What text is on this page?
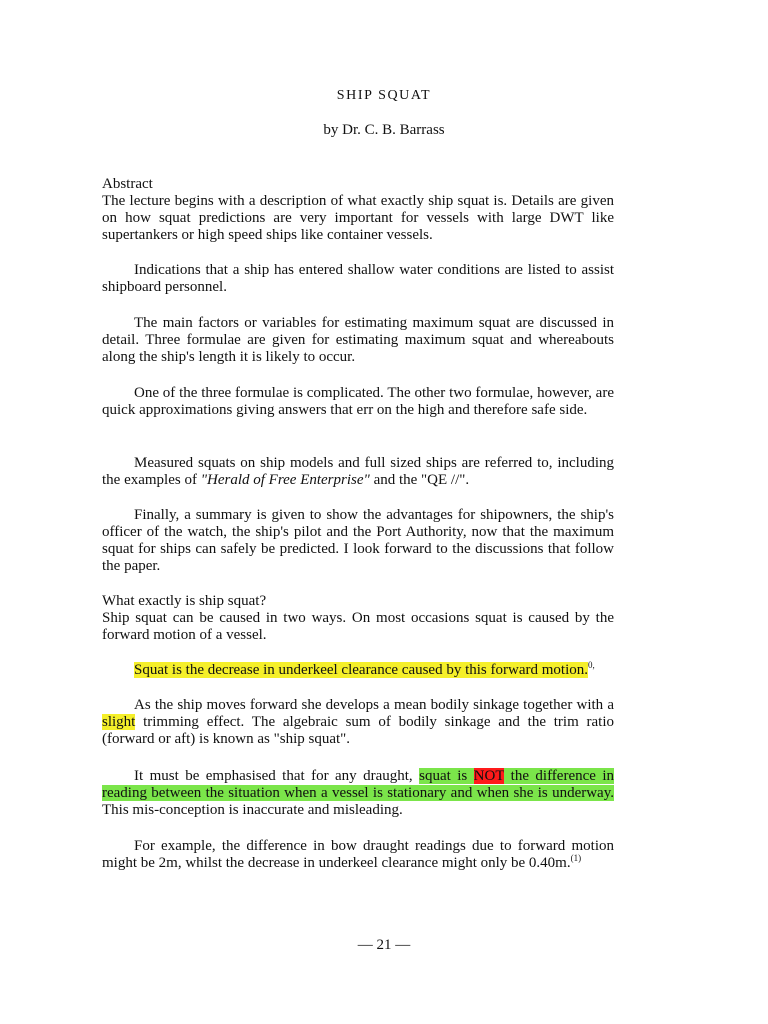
SHIP SQUAT
by Dr. C. B. Barrass
Abstract
The lecture begins with a description of what exactly ship squat is. Details are given on how squat predictions are very important for vessels with large DWT like supertankers or high speed ships like container vessels.
Indications that a ship has entered shallow water conditions are listed to assist shipboard personnel.
The main factors or variables for estimating maximum squat are discussed in detail. Three formulae are given for estimating maximum squat and whereabouts along the ship's length it is likely to occur.
One of the three formulae is complicated. The other two formulae, however, are quick approximations giving answers that err on the high and therefore safe side.
Measured squats on ship models and full sized ships are referred to, including the examples of "Herald of Free Enterprise" and the "QE //".
Finally, a summary is given to show the advantages for shipowners, the ship's officer of the watch, the ship's pilot and the Port Authority, now that the maximum squat for ships can safely be predicted. I look forward to the discussions that follow the paper.
What exactly is ship squat?
Ship squat can be caused in two ways. On most occasions squat is caused by the forward motion of a vessel.
Squat is the decrease in underkeel clearance caused by this forward motion.$^{0,}$
As the ship moves forward she develops a mean bodily sinkage together with a slight trimming effect. The algebraic sum of bodily sinkage and the trim ratio (forward or aft) is known as "ship squat".
It must be emphasised that for any draught, squat is NOT the difference in reading between the situation when a vessel is stationary and when she is underway. This mis-conception is inaccurate and misleading.
For example, the difference in bow draught readings due to forward motion might be 2m, whilst the decrease in underkeel clearance might only be 0.40m.$^{(1)}$
— 21 —
